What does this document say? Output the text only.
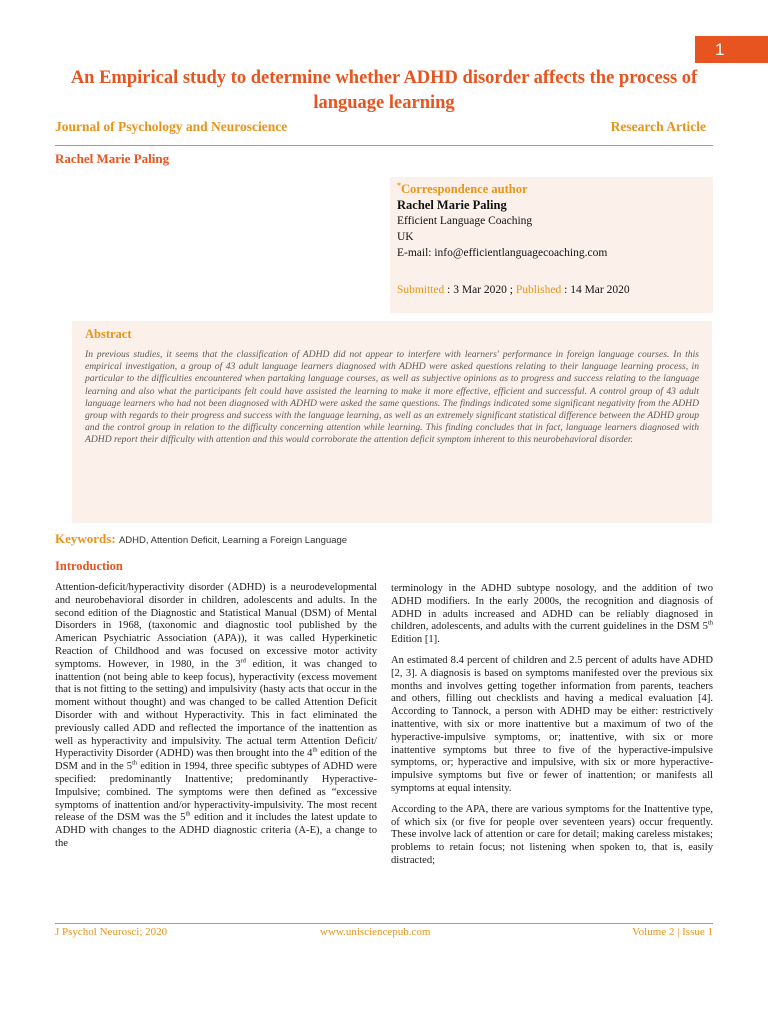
1
An Empirical study to determine whether ADHD disorder affects the process of language learning
Journal of Psychology and Neuroscience	Research Article
Rachel Marie Paling
*Correspondence author
Rachel Marie Paling
Efficient Language Coaching
UK
E-mail: info@efficientlanguagecoaching.com
Submitted : 3 Mar 2020 ; Published : 14 Mar 2020
Abstract
In previous studies, it seems that the classification of ADHD did not appear to interfere with learners' performance in foreign language courses. In this empirical investigation, a group of 43 adult language learners diagnosed with ADHD were asked questions relating to their language learning process, in particular to the difficulties encountered when partaking language courses, as well as subjective opinions as to progress and success relating to the language learning and also what the participants felt could have assisted the learning to make it more effective, efficient and successful. A control group of 43 adult language learners who had not been diagnosed with ADHD were asked the same questions. The findings indicated some significant negativity from the ADHD group with regards to their progress and success with the language learning, as well as an extremely significant statistical difference between the ADHD group and the control group in relation to the difficulty concerning attention while learning. This finding concludes that in fact, language learners diagnosed with ADHD report their difficulty with attention and this would corroborate the attention deficit symptom inherent to this neurobehavioral disorder.
Keywords: ADHD, Attention Deficit, Learning a Foreign Language
Introduction

Attention-deficit/hyperactivity disorder (ADHD) is a neurodevelopmental and neurobehavioral disorder in children, adolescents and adults. In the second edition of the Diagnostic and Statistical Manual (DSM) of Mental Disorders in 1968, (taxonomic and diagnostic tool published by the American Psychiatric Association (APA)), it was called Hyperkinetic Reaction of Childhood and was focused on excessive motor activity symptoms. However, in 1980, in the 3rd edition, it was changed to inattention (not being able to keep focus), hyperactivity (excess movement that is not fitting to the setting) and impulsivity (hasty acts that occur in the moment without thought) and was changed to be called Attention Deficit Disorder with and without Hyperactivity. This in fact eliminated the previously called ADD and reflected the importance of the inattention as well as hyperactivity and impulsivity. The actual term Attention Deficit/ Hyperactivity Disorder (ADHD) was then brought into the 4th edition of the DSM and in the 5th edition in 1994, three specific subtypes of ADHD were specified: predominantly Inattentive; predominantly Hyperactive-Impulsive; combined. The symptoms were then defined as “excessive symptoms of inattention and/or hyperactivity-impulsivity. The most recent release of the DSM was the 5th edition and it includes the latest update to ADHD with changes to the ADHD diagnostic criteria (A-E), a change to the

terminology in the ADHD subtype nosology, and the addition of two ADHD modifiers. In the early 2000s, the recognition and diagnosis of ADHD in adults increased and ADHD can be reliably diagnosed in children, adolescents, and adults with the current guidelines in the DSM 5th Edition [1].

An estimated 8.4 percent of children and 2.5 percent of adults have ADHD [2, 3]. A diagnosis is based on symptoms manifested over the previous six months and involves getting together information from parents, teachers and others, filling out checklists and having a medical evaluation [4]. According to Tannock, a person with ADHD may be either: restrictively inattentive, with six or more inattentive but a maximum of two of the hyperactive-impulsive symptoms, or; inattentive, with six or more inattentive symptoms but three to five of the hyperactive-impulsive symptoms, or; hyperactive and impulsive, with six or more hyperactive-impulsive symptoms but five or fewer of inattention; or manifests all symptoms at equal intensity.

According to the APA, there are various symptoms for the Inattentive type, of which six (or five for people over seventeen years) occur frequently. These involve lack of attention or care for detail; making careless mistakes; problems to retain focus; not listening when spoken to, that is, easily distracted;

J Psychol Neurosci; 2020	www.unisciencepub.com	Volume 2 | Issue 1
